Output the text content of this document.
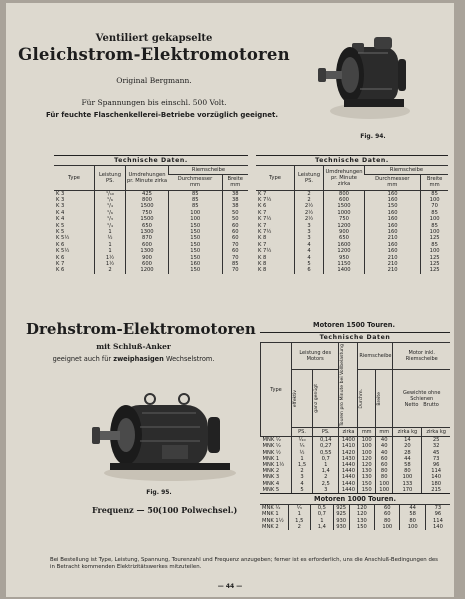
Ventiliert gekapselte
Gleichstrom-Elektromotoren
Original Bergmann.
Für Spannungen bis einschl. 500 Volt.
Für feuchte Flaschenkellerei-Betriebe vorzüglich geeignet.
Fig. 94.
Technische Daten.
Type	Leistung
PS.	Umdrehungen pr. Minute zirka	Riemscheibe	
			Durchmesser
mm	Breite
mm
K 3	¹/₁₀	425	85	38
K 3	¹/₆	800	85	38
K 3	¹/₄	1500	85	38
K 4	¹/₆	750	100	50
K 4	¹/₃	1500	100	50
K 5	¹/₄	650	150	60
K 5	1	1300	150	60
K 5½	½	870	150	60
K 6	1	600	150	70
K 5½	1	1300	150	60
K 6	1½	900	150	70
K 7	1½	600	160	85
K 6	2	1200	150	70
Technische Daten.
Type	Leistung
PS.	Umdrehungen pr. Minute zirka	Riemscheibe	
			Durchmesser
mm	Breite
mm
K 7	2	800	160	85
K 7½	2	600	160	100
K 6	2½	1500	150	70
K 7	2½	1000	160	85
K 7½	2½	750	160	100
K 7	3	1200	160	85
K 7½	3	900	160	100
K 8	3	650	210	125
K 7	4	1600	160	85
K 7½	4	1200	160	100
K 8	4	950	210	125
K 8	5	1150	210	125
K 8	6	1400	210	125
Drehstrom-Elektromotoren
mit Schluß-Anker
geeignet auch für zweiphasigen Wechselstrom.
Fig. 95.
Frequenz — 50.
(100 Polwechsel.)
Motoren 1500 Touren.
Technische Daten
Type	Leistung des Motors		Touren pro Minute bei Vollbelastung	Riemscheibe		Motor inkl. Riemscheibe	

	effektiv	ganz genügt		Durchm.	Breite	Gewichte ohne Schienen
Netto Brutto	

	PS.	PS.	zirka	mm	mm	zirka kg	zirka kg
MNK ⅟₂	⅟₁₀	0,14	1400	100	40	14	25
MNK ⅟₂	⅟₃	0,27	1410	100	40	20	32
MNK ½	½	0,55	1420	100	40	28	45
MNK 1	1	0,7	1430	120	60	44	73
MNK 1½	1,5	1	1440	120	60	58	96
MNK 2	2	1,4	1440	130	80	80	114
MNK 3	3	2	1440	130	80	100	140
MNK 4	4	2,5	1440	150	100	133	180
MNK 5	5	3	1440	150	100	170	215
Motoren 1000 Touren.
MNK ⅟₂	⅟₃	0,5	925	120	60	44	73
MNK 1	1	0,7	925	120	60	58	96
MNK 1½	1,5	1	930	130	80	80	114
MNK 2	2	1,4	930	150	100	100	140
Bei Bestellung ist Type, Leistung, Spannung, Tourenzahl und Frequenz anzugeben; ferner ist es erforderlich, uns die Anschluß-Bedingungen des in Betracht kommenden Elektrizitätswerkes mitzuteilen.
— 44 —
